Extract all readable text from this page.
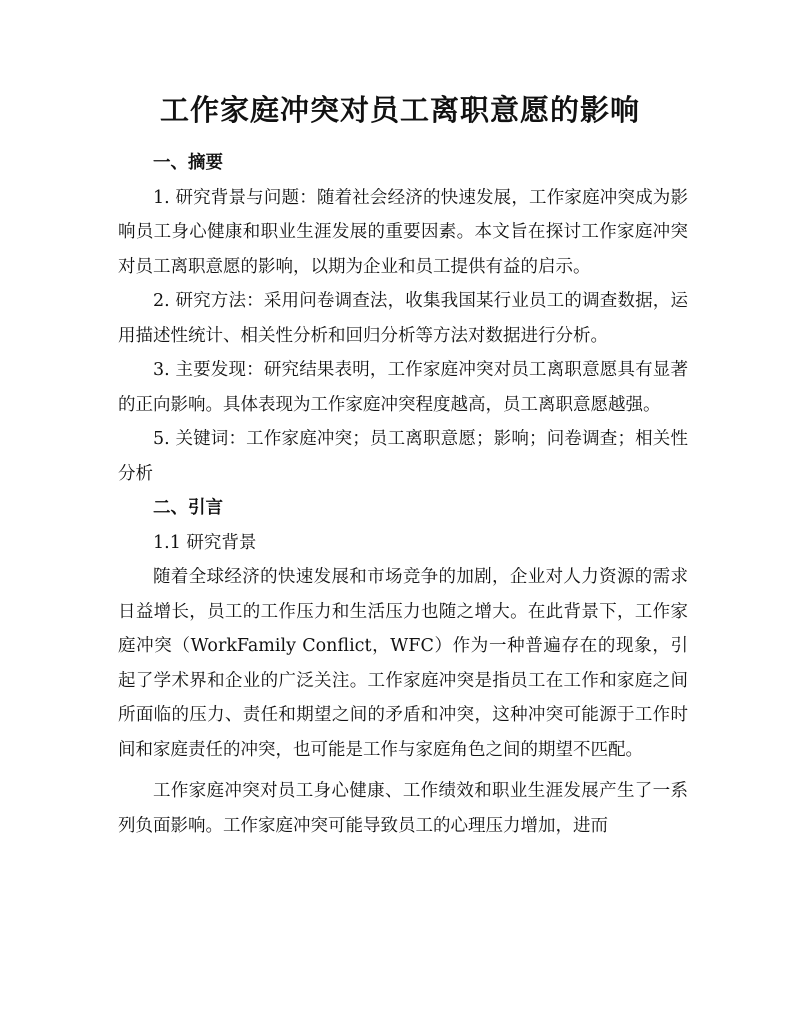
工作家庭冲突对员工离职意愿的影响
一、摘要

1. 研究背景与问题：随着社会经济的快速发展，工作家庭冲突成为影响员工身心健康和职业生涯发展的重要因素。本文旨在探讨工作家庭冲突对员工离职意愿的影响，以期为企业和员工提供有益的启示。

2. 研究方法：采用问卷调查法，收集我国某行业员工的调查数据，运用描述性统计、相关性分析和回归分析等方法对数据进行分析。

3. 主要发现：研究结果表明，工作家庭冲突对员工离职意愿具有显著的正向影响。具体表现为工作家庭冲突程度越高，员工离职意愿越强。

5. 关键词：工作家庭冲突；员工离职意愿；影响；问卷调查；相关性分析

二、引言

1.1 研究背景

随着全球经济的快速发展和市场竞争的加剧，企业对人力资源的需求日益增长，员工的工作压力和生活压力也随之增大。在此背景下，工作家庭冲突（WorkFamily Conflict，WFC）作为一种普遍存在的现象，引起了学术界和企业的广泛关注。工作家庭冲突是指员工在工作和家庭之间所面临的压力、责任和期望之间的矛盾和冲突，这种冲突可能源于工作时间和家庭责任的冲突，也可能是工作与家庭角色之间的期望不匹配。

工作家庭冲突对员工身心健康、工作绩效和职业生涯发展产生了一系列负面影响。工作家庭冲突可能导致员工的心理压力增加，进而
